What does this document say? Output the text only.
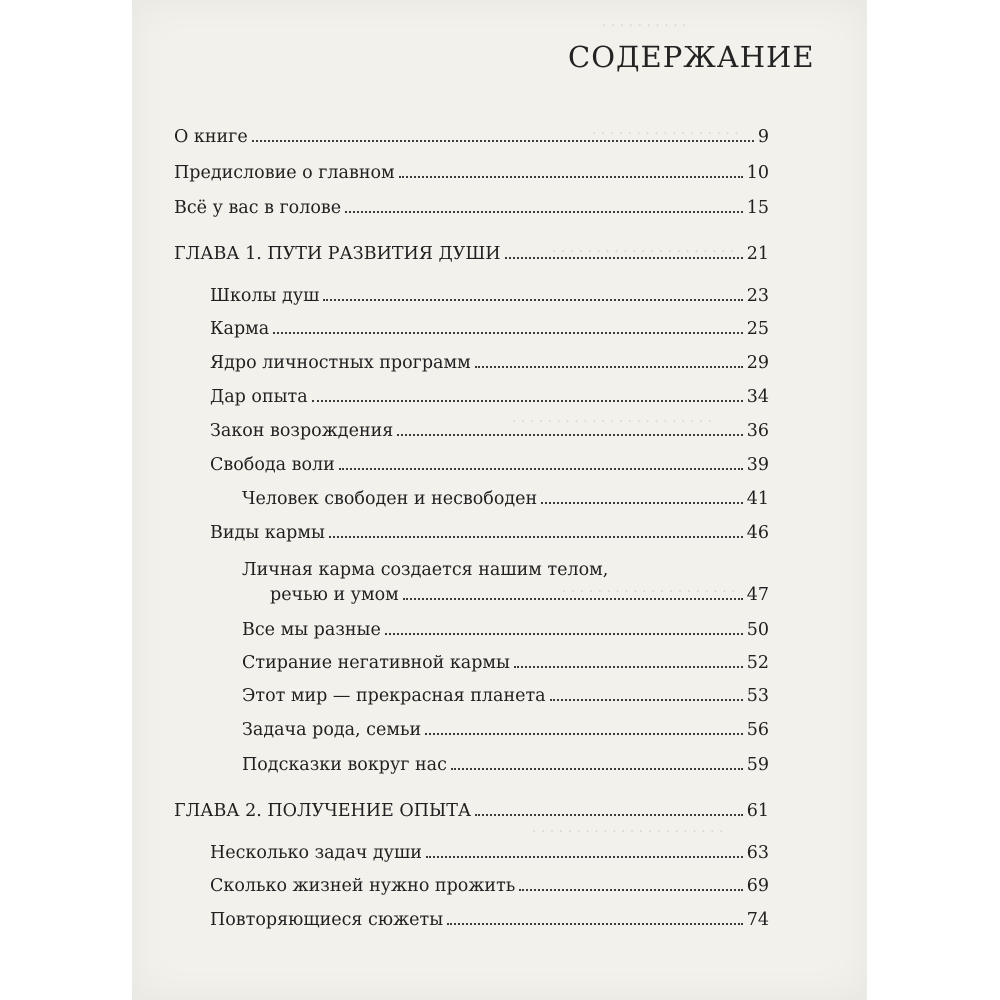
. . . . . . . . . .
. . . . . . . . . . . . . . . . .
. . . . . . . . . . . . . . . . . . . . .
. . . . . . . . . . . . . . . . . . . . . . .
. . . . . . . . . . . . . . . . . . . .
. . . . . . . . . . . . . . . . . . . . . .
СОДЕРЖАНИЕ
О книге	9
Предисловие о главном	10
Всё у вас в голове	15
ГЛАВА 1. ПУТИ РАЗВИТИЯ ДУШИ	21
Школы душ	23
Карма	25
Ядро личностных программ	29
Дар опыта	34
Закон возрождения	36
Свобода воли	39
Человек свободен и несвободен	41
Виды кармы	46
Личная карма создается нашим телом,
речью и умом	47
Все мы разные	50
Стирание негативной кармы	52
Этот мир — прекрасная планета	53
Задача рода, семьи	56
Подсказки вокруг нас	59
ГЛАВА 2. ПОЛУЧЕНИЕ ОПЫТА	61
Несколько задач души	63
Сколько жизней нужно прожить	69
Повторяющиеся сюжеты	74
